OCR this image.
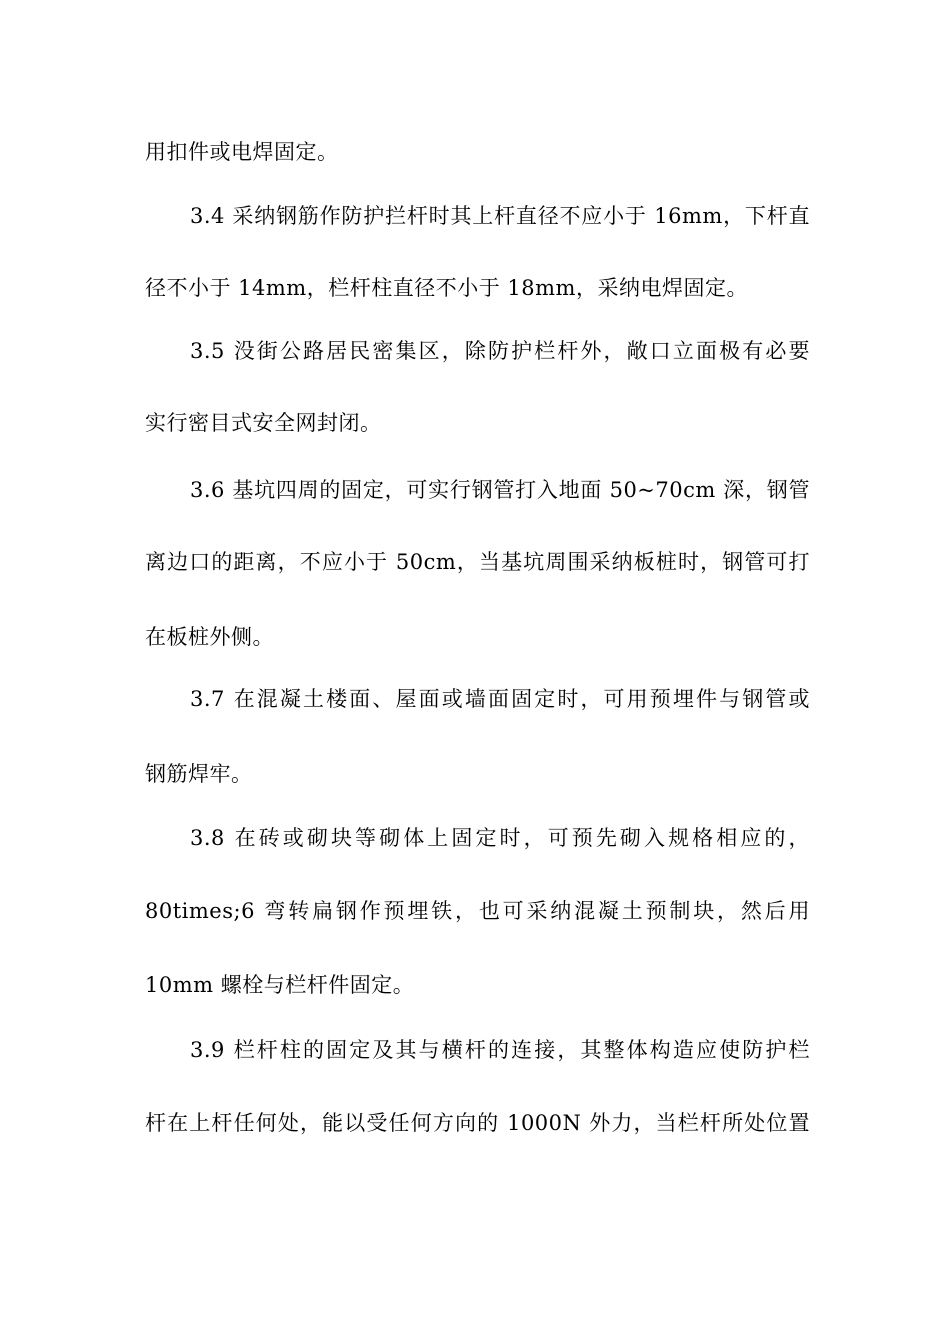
用扣件或电焊固定。
3.4 采纳钢筋作防护拦杆时其上杆直径不应小于 16mm，下杆直
径不小于 14mm，栏杆柱直径不小于 18mm，采纳电焊固定。
3.5 没街公路居民密集区，除防护栏杆外，敞口立面极有必要
实行密目式安全网封闭。
3.6 基坑四周的固定，可实行钢管打入地面 50~70cm 深，钢管
离边口的距离，不应小于 50cm，当基坑周围采纳板桩时，钢管可打
在板桩外侧。
3.7 在混凝土楼面、屋面或墙面固定时，可用预埋件与钢管或
钢筋焊牢。
3.8 在砖或砌块等砌体上固定时，可预先砌入规格相应的，
80times;6 弯转扁钢作预埋铁，也可采纳混凝土预制块，然后用
10mm 螺栓与栏杆件固定。
3.9 栏杆柱的固定及其与横杆的连接，其整体构造应使防护栏
杆在上杆任何处，能以受任何方向的 1000N 外力，当栏杆所处位置
